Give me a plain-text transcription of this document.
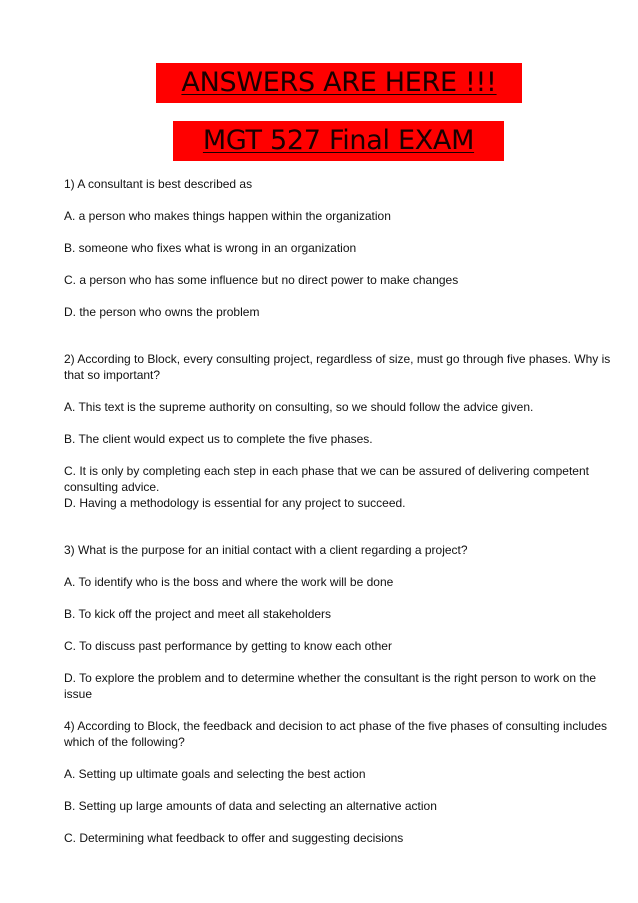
ANSWERS ARE HERE !!!
MGT 527 Final EXAM

1) A consultant is best described as

A. a person who makes things happen within the organization

B. someone who fixes what is wrong in an organization

C. a person who has some influence but no direct power to make changes

D. the person who owns the problem

2) According to Block, every consulting project, regardless of size, must go through five phases. Why is that so important?

A. This text is the supreme authority on consulting, so we should follow the advice given.

B. The client would expect us to complete the five phases.

C. It is only by completing each step in each phase that we can be assured of delivering competent consulting advice.

D. Having a methodology is essential for any project to succeed.

3) What is the purpose for an initial contact with a client regarding a project?

A. To identify who is the boss and where the work will be done

B. To kick off the project and meet all stakeholders

C. To discuss past performance by getting to know each other

D. To explore the problem and to determine whether the consultant is the right person to work on the issue

4) According to Block, the feedback and decision to act phase of the five phases of consulting includes which of the following?

A. Setting up ultimate goals and selecting the best action

B. Setting up large amounts of data and selecting an alternative action

C. Determining what feedback to offer and suggesting decisions
